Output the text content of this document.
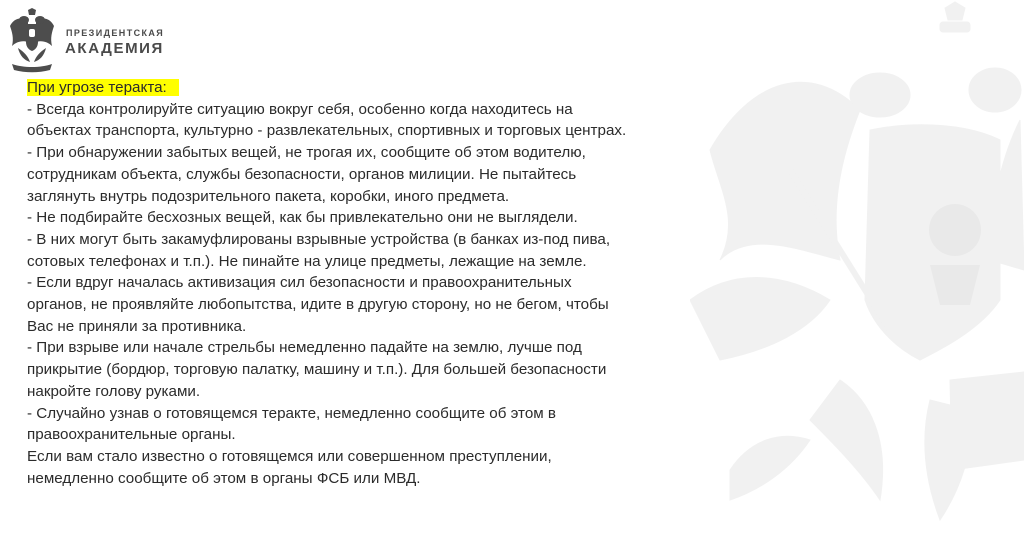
ПРЕЗИДЕНТСКАЯ
АКАДЕМИЯ
При угрозе теракта:
- Всегда контролируйте ситуацию вокруг себя, особенно когда находитесь на
объектах транспорта, культурно - развлекательных, спортивных и торговых центрах.
- При обнаружении забытых вещей, не трогая их, сообщите об этом водителю,
сотрудникам объекта, службы безопасности, органов милиции. Не пытайтесь
заглянуть внутрь подозрительного пакета, коробки, иного предмета.
- Не подбирайте бесхозных вещей, как бы привлекательно они не выглядели.
- В них могут быть закамуфлированы взрывные устройства (в банках из-под пива,
сотовых телефонах и т.п.). Не пинайте на улице предметы, лежащие на земле.
- Если вдруг началась активизация сил безопасности и правоохранительных
органов, не проявляйте любопытства, идите в другую сторону, но не бегом, чтобы
Вас не приняли за противника.
- При взрыве или начале стрельбы немедленно падайте на землю, лучше под
прикрытие (бордюр, торговую палатку, машину и т.п.). Для большей безопасности
накройте голову руками.
- Случайно узнав о готовящемся теракте, немедленно сообщите об этом в
правоохранительные органы.
Если вам стало известно о готовящемся или совершенном преступлении,
немедленно сообщите об этом в органы ФСБ или МВД.
